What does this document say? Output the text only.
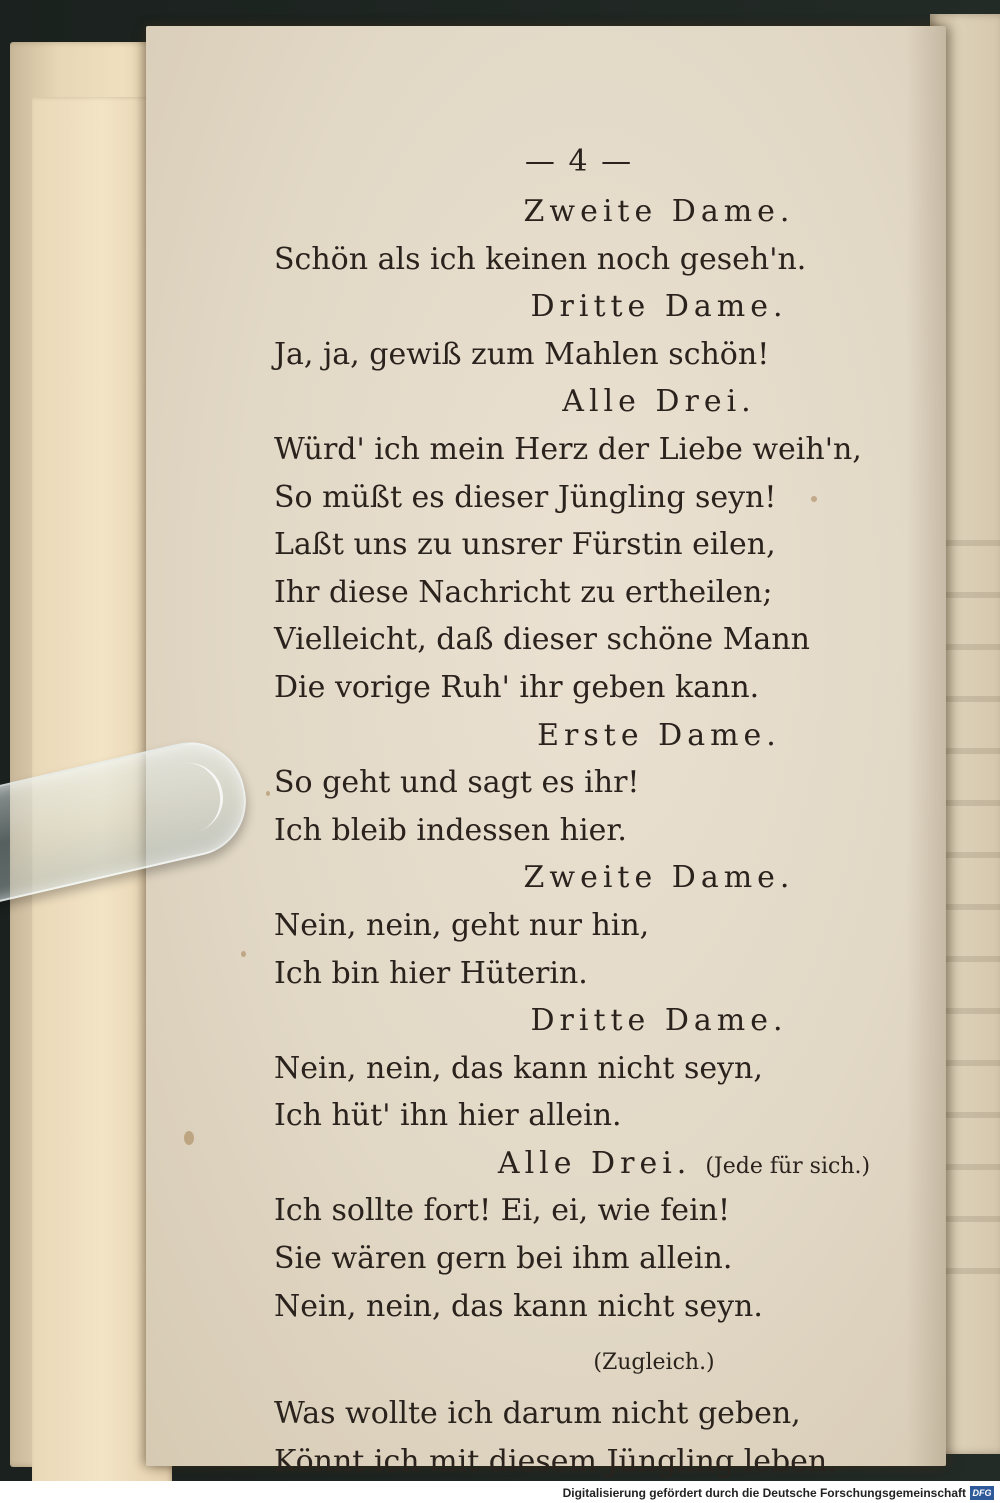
— 4 —
Zweite Dame.
Schön als ich keinen noch geseh'n.
Dritte Dame.
Ja, ja, gewiß zum Mahlen schön!
Alle Drei.
Würd' ich mein Herz der Liebe weih'n,
So müßt es dieser Jüngling seyn!
Laßt uns zu unsrer Fürstin eilen,
Ihr diese Nachricht zu ertheilen;
Vielleicht, daß dieser schöne Mann
Die vorige Ruh' ihr geben kann.
Erste Dame.
So geht und sagt es ihr!
Ich bleib indessen hier.
Zweite Dame.
Nein, nein, geht nur hin,
Ich bin hier Hüterin.
Dritte Dame.
Nein, nein, das kann nicht seyn,
Ich hüt' ihn hier allein.
Alle Drei. (Jede für sich.)
Ich sollte fort! Ei, ei, wie fein!
Sie wären gern bei ihm allein.
Nein, nein, das kann nicht seyn.
(Zugleich.)
Was wollte ich darum nicht geben,
Könnt ich mit diesem Jüngling leben.
Digitalisierung gefördert durch die Deutsche Forschungsgemeinschaft DFG
